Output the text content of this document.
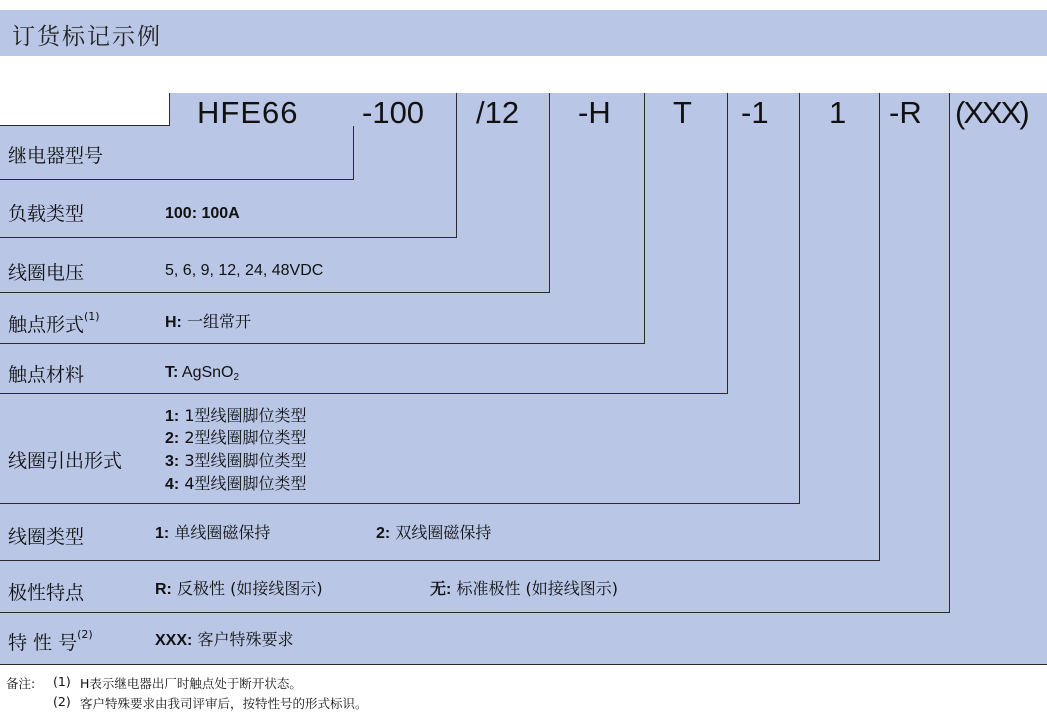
订货标记示例
HFE66 -100 /12 -H T -1 1 -R (XXX)
继电器型号
负载类型	100: 100A
线圈电压	5, 6, 9, 12, 24, 48VDC
触点形式$^{(1)}$	H: 一组常开
触点材料	T: AgSnO$_2$
线圈引出形式
1: 1型线圈脚位类型
2: 2型线圈脚位类型
3: 3型线圈脚位类型
4: 4型线圈脚位类型
线圈类型	1: 单线圈磁保持	2: 双线圈磁保持
极性特点	R: 反极性 (如接线图示)	无: 标准极性 (如接线图示)
特 性 号$^{(2)}$	XXX: 客户特殊要求
备注: (1) H表示继电器出厂时触点处于断开状态。
(2) 客户特殊要求由我司评审后，按特性号的形式标识。
